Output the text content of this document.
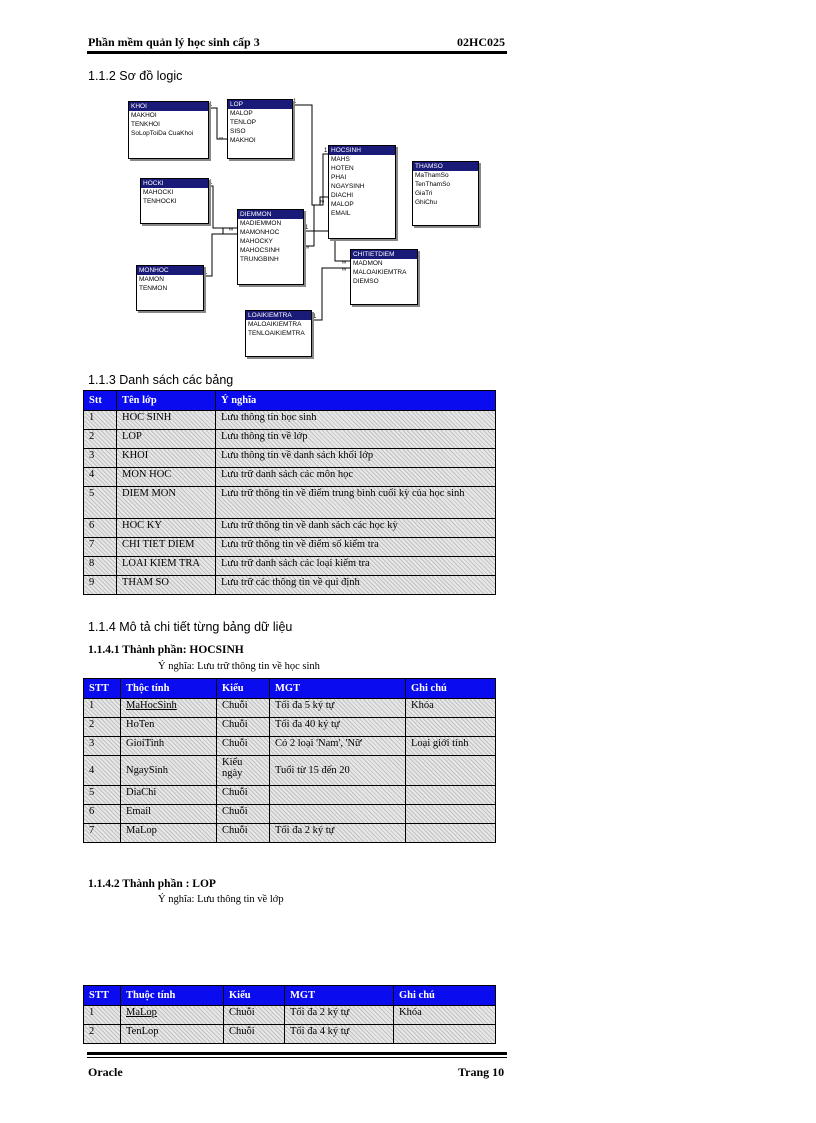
Phần mềm quản lý học sinh cấp 3	02HC025
1.1.2 Sơ đồ logic
1
∞
1
∞
1
∞
1
1
∞
1
∞
1
∞
KHOI
MAKHOI
TENKHOI
SoLopToiDa CuaKhoi
LOP
MALOP
TENLOP
SISO
MAKHOI
HOCSINH
MAHS
HOTEN
PHAI
NGAYSINH
DIACHI
MALOP
EMAIL
THAMSO
MaThamSo
TenThamSo
GiaTri
GhiChu
HOCKI
MAHOCKI
TENHOCKI
DIEMMON
MADIEMMON
MAMONHOC
MAHOCKY
MAHOCSINH
TRUNGBINH
CHITIETDIEM
MADMON
MALOAIKIEMTRA
DIEMSO
MONHOC
MAMON
TENMON
LOAIKIEMTRA
MALOAIKIEMTRA
TENLOAIKIEMTRA
1.1.3 Danh sách các bảng
Stt	Tên lớp	Ý nghĩa
1	HOC SINH	Lưu thông tin học sinh
2	LOP	Lưu thông tin về lớp
3	KHOI	Lưu thông tin về danh sách khối lớp
4	MON HOC	Lưu trữ danh sách các môn học
5	DIEM MON	Lưu trữ thông tin về điểm trung bình cuối kỳ của học sinh
6	HOC KY	Lưu trữ thông tin về danh sách các học kỳ
7	CHI TIET DIEM	Lưu trữ thông tin về điểm số kiểm tra
8	LOAI KIEM TRA	Lưu trữ danh sách các loại kiểm tra
9	THAM SO	Lưu trữ các thông tin về qui định
1.1.4 Mô tả chi tiết từng bảng dữ liệu
1.1.4.1 Thành phần: HOCSINH
Ý nghĩa: Lưu trữ thông tin về học sinh
STT	Thộc tính	Kiểu	MGT	Ghi chú
1	MaHocSinh	Chuỗi	Tối đa 5 ký tự	Khóa
2	HoTen	Chuỗi	Tối đa 40 ký tự	
3	GioiTinh	Chuỗi	Có 2 loại 'Nam', 'Nữ'	Loại giới tính
4	NgaySinh	Kiểu ngày	Tuổi từ 15 đến 20	
5	DiaChi	Chuỗi		
6	Email	Chuỗi		
7	MaLop	Chuỗi	Tối đa 2 ký tự	
1.1.4.2 Thành phần : LOP
Ý nghĩa: Lưu thông tin về lớp
STT	Thuộc tính	Kiểu	MGT	Ghi chú
1	MaLop	Chuỗi	Tối đa 2 ký tự	Khóa
2	TenLop	Chuỗi	Tối đa 4 ký tự	
Oracle	Trang 10
